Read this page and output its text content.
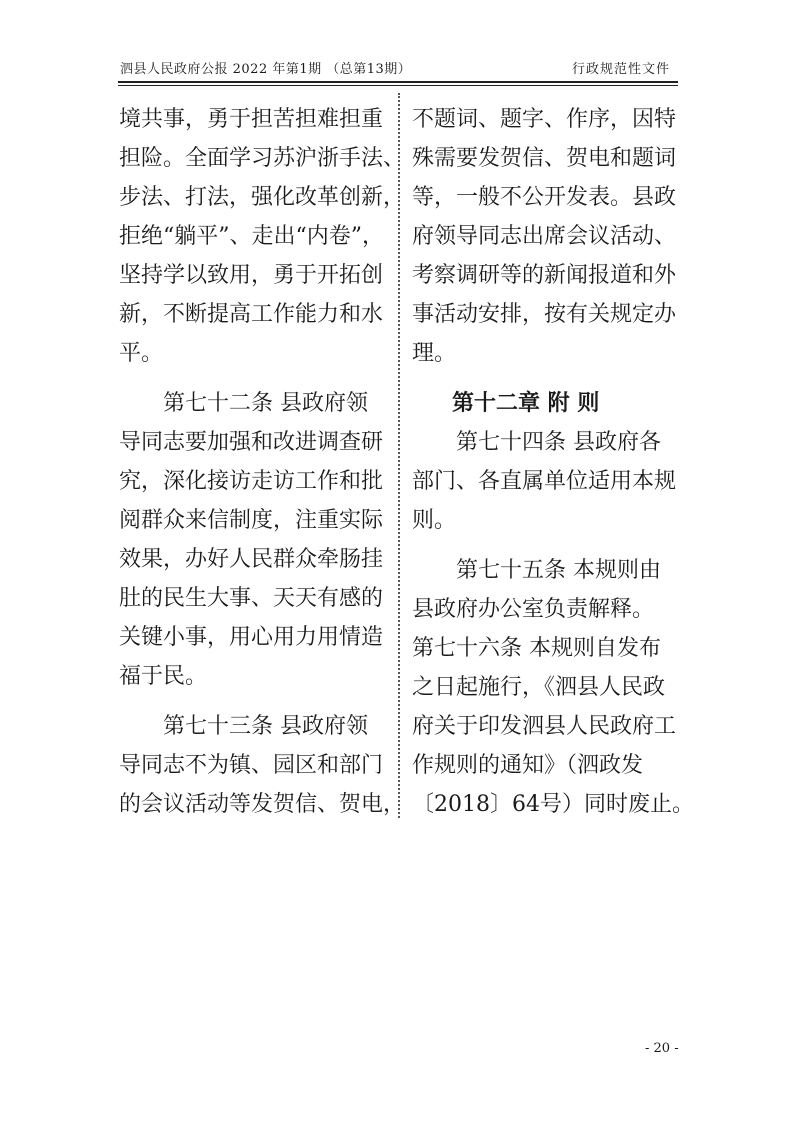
泗县人民政府公报 2022 年第1期 （总第13期）	行政规范性文件
境共事，勇于担苦担难担重
担险。全面学习苏沪浙手法、
步法、打法，强化改革创新，
拒绝“躺平”、走出“内卷”，
坚持学以致用，勇于开拓创
新，不断提高工作能力和水
平。
第七十二条 县政府领
导同志要加强和改进调查研
究，深化接访走访工作和批
阅群众来信制度，注重实际
效果，办好人民群众牵肠挂
肚的民生大事、天天有感的
关键小事，用心用力用情造
福于民。
第七十三条 县政府领
导同志不为镇、园区和部门
的会议活动等发贺信、贺电，
不题词、题字、作序，因特
殊需要发贺信、贺电和题词
等，一般不公开发表。县政
府领导同志出席会议活动、
考察调研等的新闻报道和外
事活动安排，按有关规定办
理。
第十二章 附 则
第七十四条 县政府各
部门、各直属单位适用本规
则。
第七十五条 本规则由
县政府办公室负责解释。
第七十六条 本规则自发布
之日起施行，《泗县人民政
府关于印发泗县人民政府工
作规则的通知》（泗政发
〔2018〕64号）同时废止。
- 20 -
